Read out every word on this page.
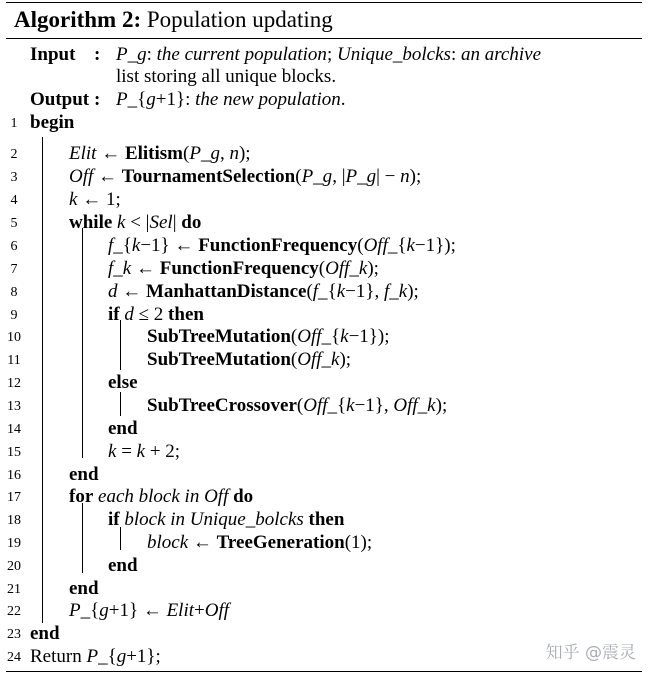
Algorithm 2: Population updating
Input : P_g: the current population; Unique_bolcks: an archive
list storing all unique blocks.
Output : P_{g+1}: the new population.
1 begin
2	Elit ← Elitism(P_g, n);
3	Off ← TournamentSelection(P_g, |P_g| − n);
4	k ← 1;
5	while k < |Sel| do
6	f_{k−1} ← FunctionFrequency(Off_{k−1});
7	f_k ← FunctionFrequency(Off_k);
8	d ← ManhattanDistance(f_{k−1}, f_k);
9	if d ≤ 2 then
10	SubTreeMutation(Off_{k−1});
11	SubTreeMutation(Off_k);
12	else
13	SubTreeCrossover(Off_{k−1}, Off_k);
14	end
15	k = k + 2;
16	end
17	for each block in Off do
18	if block in Unique_bolcks then
19	block ← TreeGeneration(1);
20	end
21	end
22	P_{g+1} ← Elit+Off
23 end
24 Return P_{g+1};	知乎 @震灵
